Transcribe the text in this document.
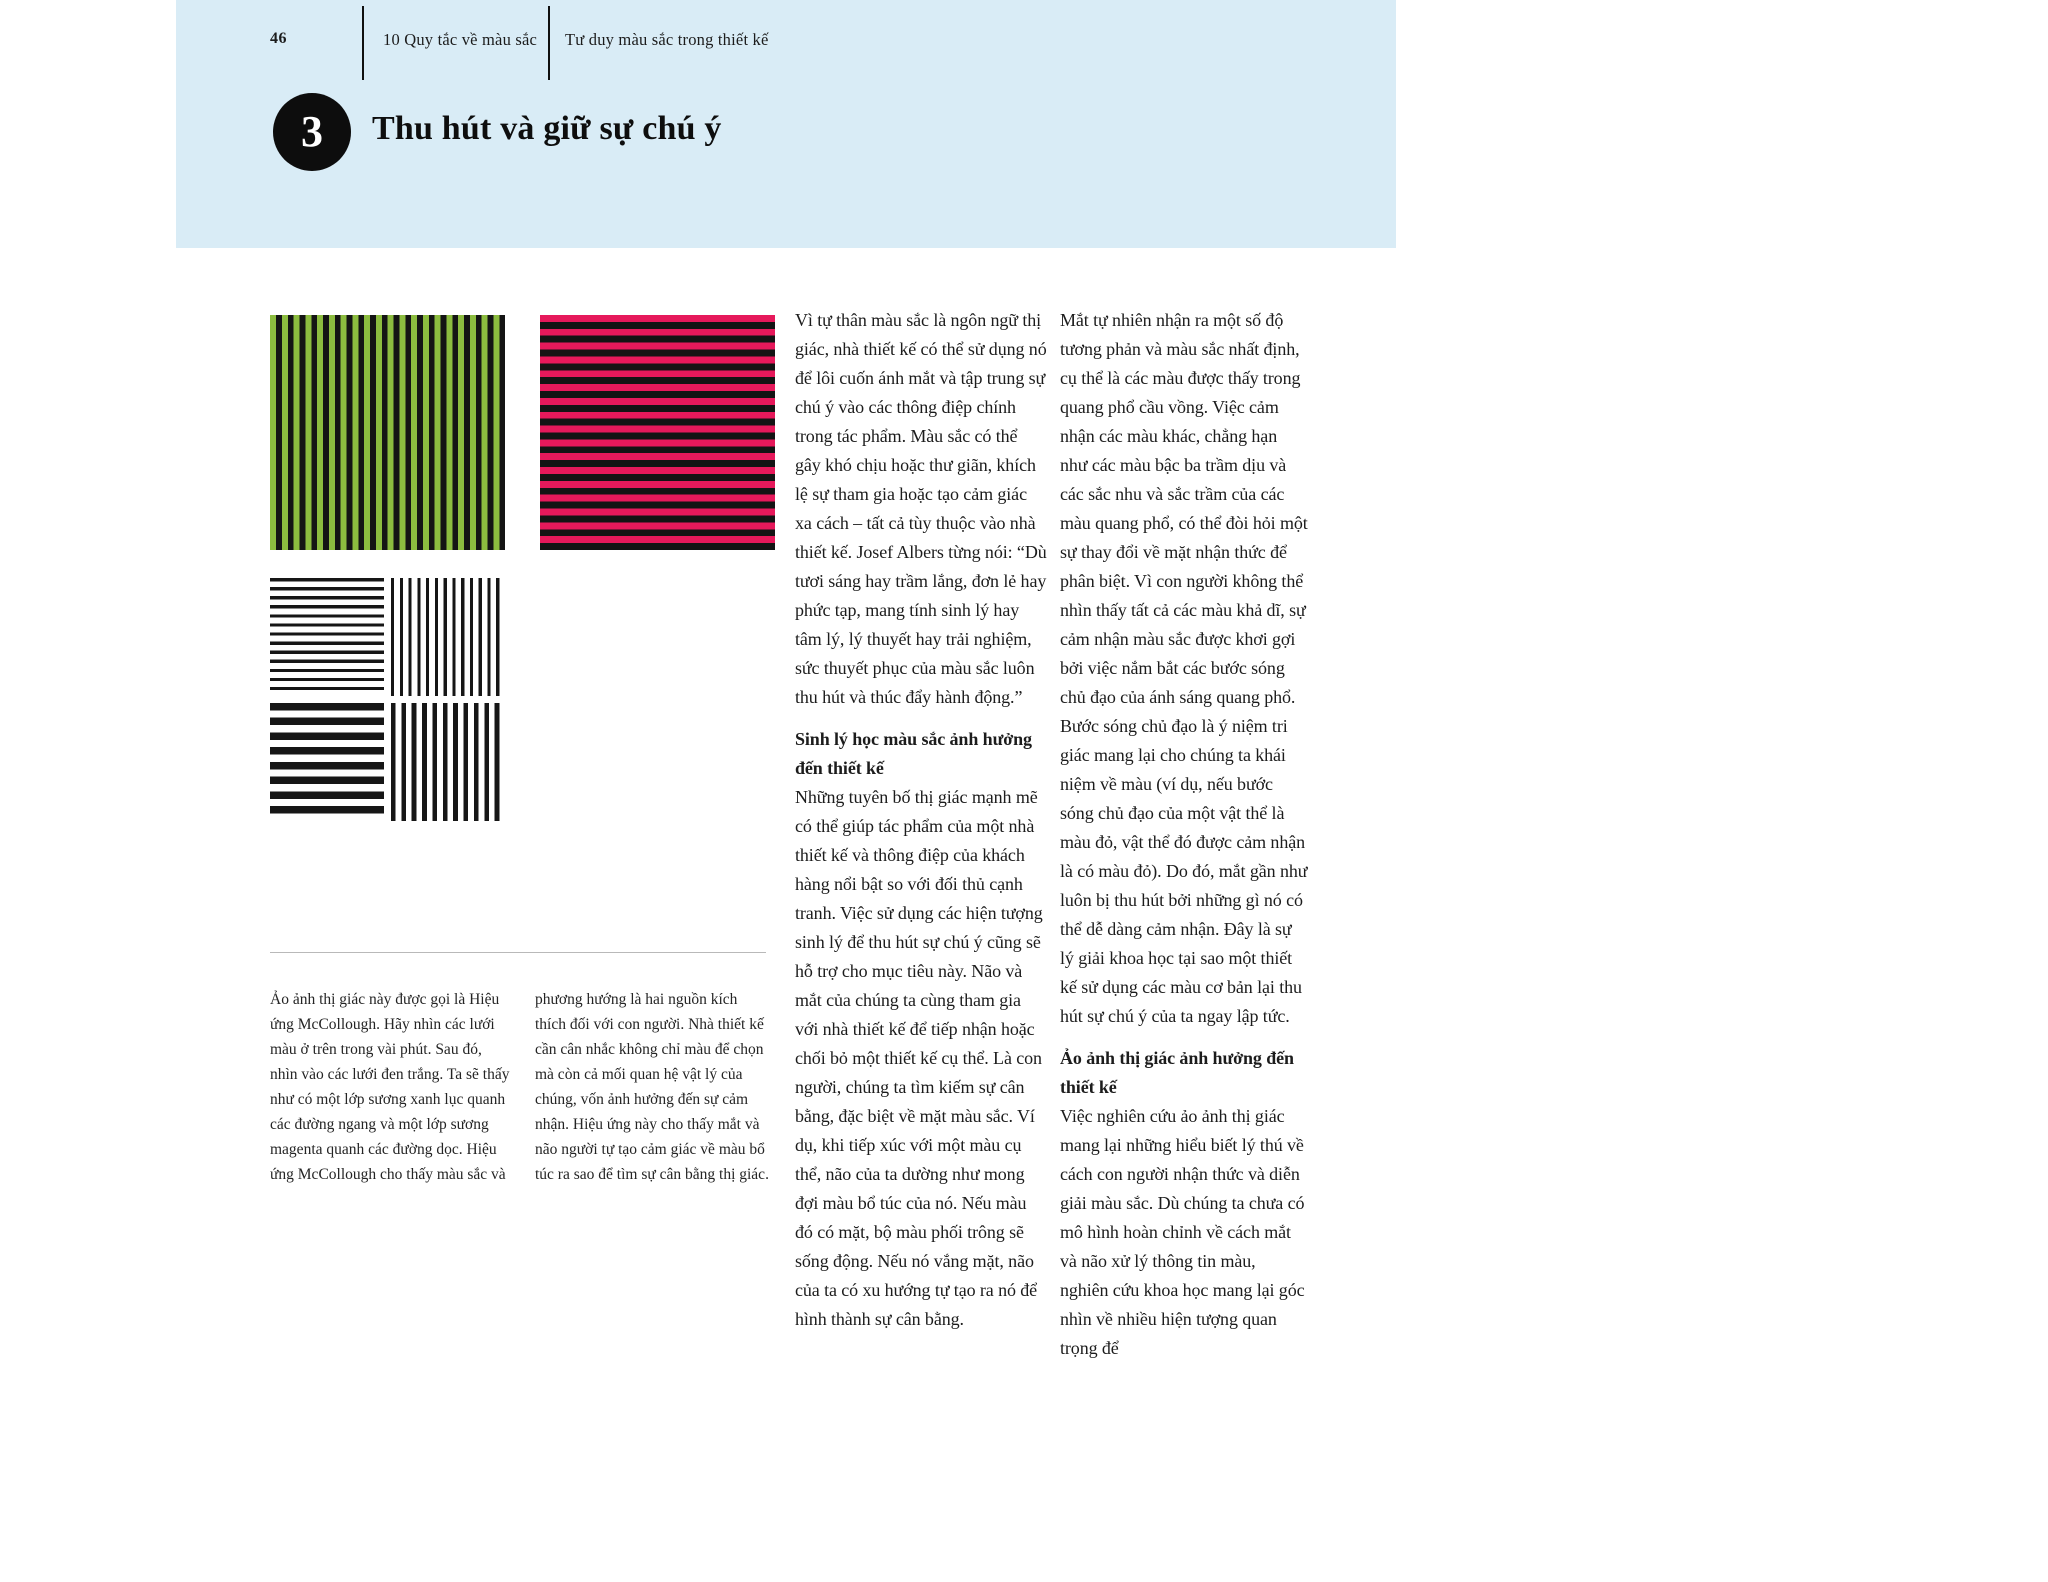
46	10 Quy tắc về màu sắc Tư duy màu sắc trong thiết kế
3 Thu hút và giữ sự chú ý

Vì tự thân màu sắc là ngôn ngữ thị giác, nhà thiết kế có thể sử dụng nó để lôi cuốn ánh mắt và tập trung sự chú ý vào các thông điệp chính trong tác phẩm. Màu sắc có thể gây khó chịu hoặc thư giãn, khích lệ sự tham gia hoặc tạo cảm giác xa cách – tất cả tùy thuộc vào nhà thiết kế. Josef Albers từng nói: “Dù tươi sáng hay trầm lắng, đơn lẻ hay phức tạp, mang tính sinh lý hay tâm lý, lý thuyết hay trải nghiệm, sức thuyết phục của màu sắc luôn thu hút và thúc đẩy hành động.”

Sinh lý học màu sắc ảnh hưởng đến thiết kế

Những tuyên bố thị giác mạnh mẽ có thể giúp tác phẩm của một nhà thiết kế và thông điệp của khách hàng nổi bật so với đối thủ cạnh tranh. Việc sử dụng các hiện tượng sinh lý để thu hút sự chú ý cũng sẽ hỗ trợ cho mục tiêu này. Não và mắt của chúng ta cùng tham gia với nhà thiết kế để tiếp nhận hoặc chối bỏ một thiết kế cụ thể. Là con người, chúng ta tìm kiếm sự cân bằng, đặc biệt về mặt màu sắc. Ví dụ, khi tiếp xúc với một màu cụ thể, não của ta dường như mong đợi màu bổ túc của nó. Nếu màu đó có mặt, bộ màu phối trông sẽ sống động. Nếu nó vắng mặt, não của ta có xu hướng tự tạo ra nó để hình thành sự cân bằng.

Mắt tự nhiên nhận ra một số độ tương phản và màu sắc nhất định, cụ thể là các màu được thấy trong quang phổ cầu vồng. Việc cảm nhận các màu khác, chẳng hạn như các màu bậc ba trầm dịu và các sắc nhu và sắc trầm của các màu quang phổ, có thể đòi hỏi một sự thay đổi về mặt nhận thức để phân biệt. Vì con người không thể nhìn thấy tất cả các màu khả dĩ, sự cảm nhận màu sắc được khơi gợi bởi việc nắm bắt các bước sóng chủ đạo của ánh sáng quang phổ. Bước sóng chủ đạo là ý niệm tri giác mang lại cho chúng ta khái niệm về màu (ví dụ, nếu bước sóng chủ đạo của một vật thể là màu đỏ, vật thể đó được cảm nhận là có màu đỏ). Do đó, mắt gần như luôn bị thu hút bởi những gì nó có thể dễ dàng cảm nhận. Đây là sự lý giải khoa học tại sao một thiết kế sử dụng các màu cơ bản lại thu hút sự chú ý của ta ngay lập tức.

Ảo ảnh thị giác ảnh hưởng đến thiết kế

Việc nghiên cứu ảo ảnh thị giác mang lại những hiểu biết lý thú về cách con người nhận thức và diễn giải màu sắc. Dù chúng ta chưa có mô hình hoàn chỉnh về cách mắt và não xử lý thông tin màu, nghiên cứu khoa học mang lại góc nhìn về nhiều hiện tượng quan trọng để

Ảo ảnh thị giác này được gọi là Hiệu ứng McCollough. Hãy nhìn các lưới màu ở trên trong vài phút. Sau đó, nhìn vào các lưới đen trắng. Ta sẽ thấy như có một lớp sương xanh lục quanh các đường ngang và một lớp sương magenta quanh các đường dọc. Hiệu ứng McCollough cho thấy màu sắc và

phương hướng là hai nguồn kích thích đối với con người. Nhà thiết kế cần cân nhắc không chỉ màu để chọn mà còn cả mối quan hệ vật lý của chúng, vốn ảnh hưởng đến sự cảm nhận. Hiệu ứng này cho thấy mắt và não người tự tạo cảm giác về màu bổ túc ra sao để tìm sự cân bằng thị giác.
